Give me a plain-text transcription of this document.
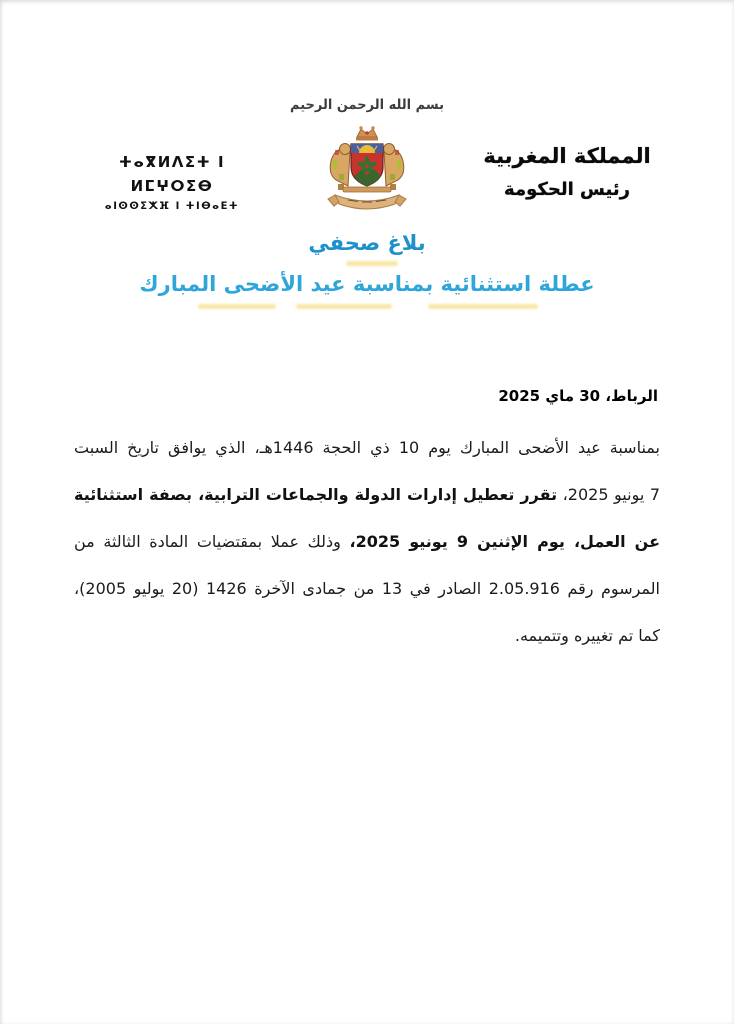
بسم الله الرحمن الرحيم
ⵜⴰⴳⵍⴷⵉⵜ ⵏ ⵍⵎⵖⵔⵉⴱ
ⴰⵏⵙⵙⵉⵅⴼ ⵏ ⵜⵏⴱⴰⴹⵜ
المملكة المغربية
رئيس الحكومة
بلاغ صحفي
عطلة استثنائية بمناسبة عيد الأضحى المبارك
الرباط، 30 ماي 2025
بمناسبة عيد الأضحى المبارك يوم 10 ذي الحجة 1446هـ، الذي يوافق تاريخ السبت
7 يونيو 2025، تقرر تعطيل إدارات الدولة والجماعات الترابية، بصفة استثنائية
عن العمل، يوم الإثنين 9 يونيو 2025، وذلك عملا بمقتضيات المادة الثالثة من
المرسوم رقم 2.05.916 الصادر في 13 من جمادى الآخرة 1426 (20 يوليو 2005)،
كما تم تغييره وتتميمه.
